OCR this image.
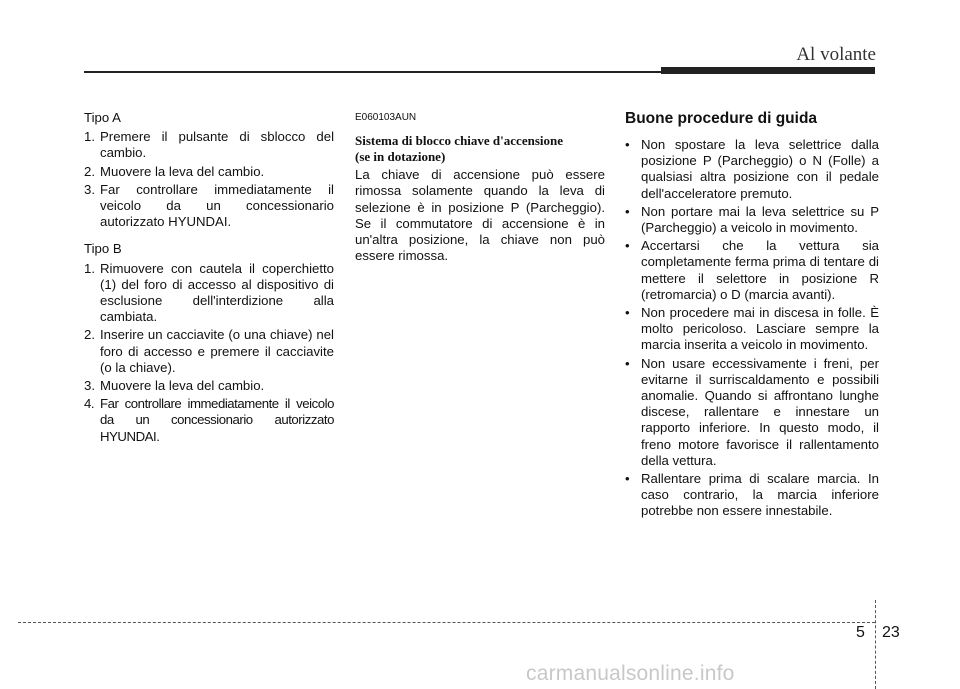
Al volante

Tipo A

1. Premere il pulsante di sblocco del cambio.
2. Muovere la leva del cambio.
3. Far controllare immediatamente il veicolo da un concessionario autorizzato HYUNDAI.

Tipo B

1. Rimuovere con cautela il coperchietto (1) del foro di accesso al dispositivo di esclusione dell'interdizione alla cambiata.
2. Inserire un cacciavite (o una chiave) nel foro di accesso e premere il cacciavite (o la chiave).
3. Muovere la leva del cambio.
4. Far controllare immediatamente il veicolo da un concessionario autorizzato HYUNDAI.

E060103AUN

Sistema di blocco chiave d'accensione

(se in dotazione)

La chiave di accensione può essere rimossa solamente quando la leva di selezione è in posizione P (Parcheggio). Se il commutatore di accensione è in un'altra posizione, la chiave non può essere rimossa.

Buone procedure di guida

• Non spostare la leva selettrice dalla posizione P (Parcheggio) o N (Folle) a qualsiasi altra posizione con il pedale dell'acceleratore premuto.
• Non portare mai la leva selettrice su P (Parcheggio) a veicolo in movimento.
• Accertarsi che la vettura sia completamente ferma prima di tentare di mettere il selettore in posizione R (retromarcia) o D (marcia avanti).
• Non procedere mai in discesa in folle. È molto pericoloso. Lasciare sempre la marcia inserita a veicolo in movimento.
• Non usare eccessivamente i freni, per evitarne il surriscaldamento e possibili anomalie. Quando si affrontano lunghe discese, rallentare e innestare un rapporto inferiore. In questo modo, il freno motore favorisce il rallentamento della vettura.
• Rallentare prima di scalare marcia. In caso contrario, la marcia inferiore potrebbe non essere innestabile.
5 23
carmanualsonline.info
